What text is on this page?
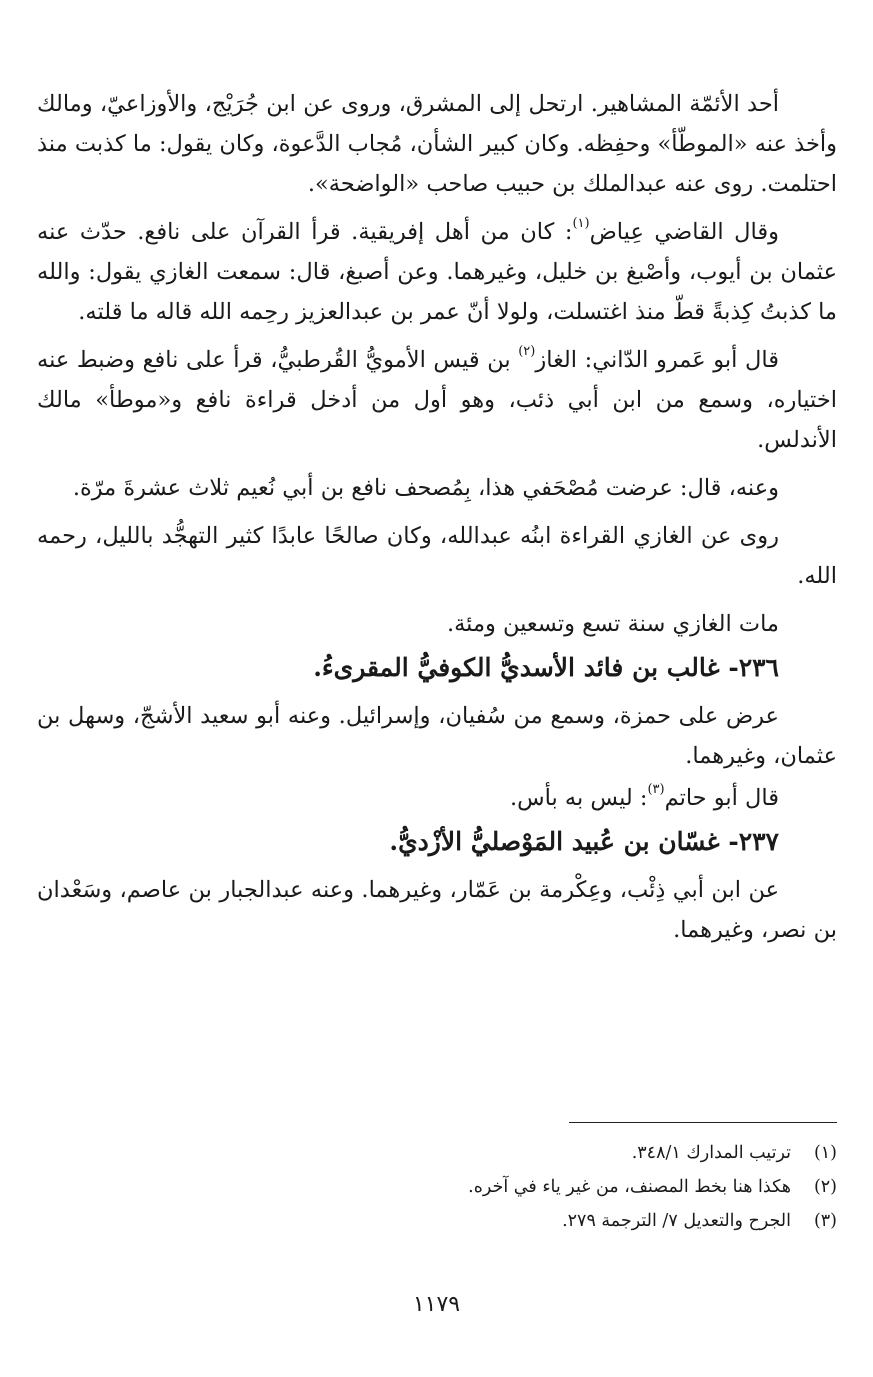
أحد الأئمّة المشاهير. ارتحل إلى المشرق، وروى عن ابن جُرَيْج، والأوزاعيّ، ومالك وأخذ عنه «الموطّأ» وحفِظه. وكان كبير الشأن، مُجاب الدَّعوة، وكان يقول: ما كذبت منذ احتلمت. روى عنه عبدالملك بن حبيب صاحب «الواضحة».

وقال القاضي عِياض$^{(١)}$: كان من أهل إفريقية. قرأ القرآن على نافع. حدّث عنه عثمان بن أيوب، وأصْبغ بن خليل، وغيرهما. وعن أصبغ، قال: سمعت الغازي يقول: والله ما كذبتُ كِذبةً قطّ منذ اغتسلت، ولولا أنّ عمر بن عبدالعزيز رحِمه الله قاله ما قلته.

قال أبو عَمرو الدّاني: الغاز$^{(٢)}$ بن قيس الأمويُّ القُرطبيُّ، قرأ على نافع وضبط عنه اختياره، وسمع من ابن أبي ذئب، وهو أول من أدخل قراءة نافع و«موطأ» مالك الأندلس.

وعنه، قال: عرضت مُصْحَفي هذا، بِمُصحف نافع بن أبي نُعيم ثلاث عشرةَ مرّة.

روى عن الغازي القراءة ابنُه عبدالله، وكان صالحًا عابدًا كثير التهجُّد بالليل، رحمه الله.

مات الغازي سنة تسع وتسعين ومئة.

٢٣٦- غالب بن فائد الأسديُّ الكوفيُّ المقرىءُ.

عرض على حمزة، وسمع من سُفيان، وإسرائيل. وعنه أبو سعيد الأشجّ، وسهل بن عثمان، وغيرهما.

قال أبو حاتم$^{(٣)}$: ليس به بأس.

٢٣٧- غسّان بن عُبيد المَوْصليُّ الأزْديُّ.

عن ابن أبي ذِئْب، وعِكْرمة بن عَمّار، وغيرهما. وعنه عبدالجبار بن عاصم، وسَعْدان بن نصر، وغيرهما.

(١)ترتيب المدارك ٣٤٨/١.

(٢)هكذا هنا بخط المصنف، من غير ياء في آخره.

(٣)الجرح والتعديل ٧/ الترجمة ٢٧٩.

١١٧٩
